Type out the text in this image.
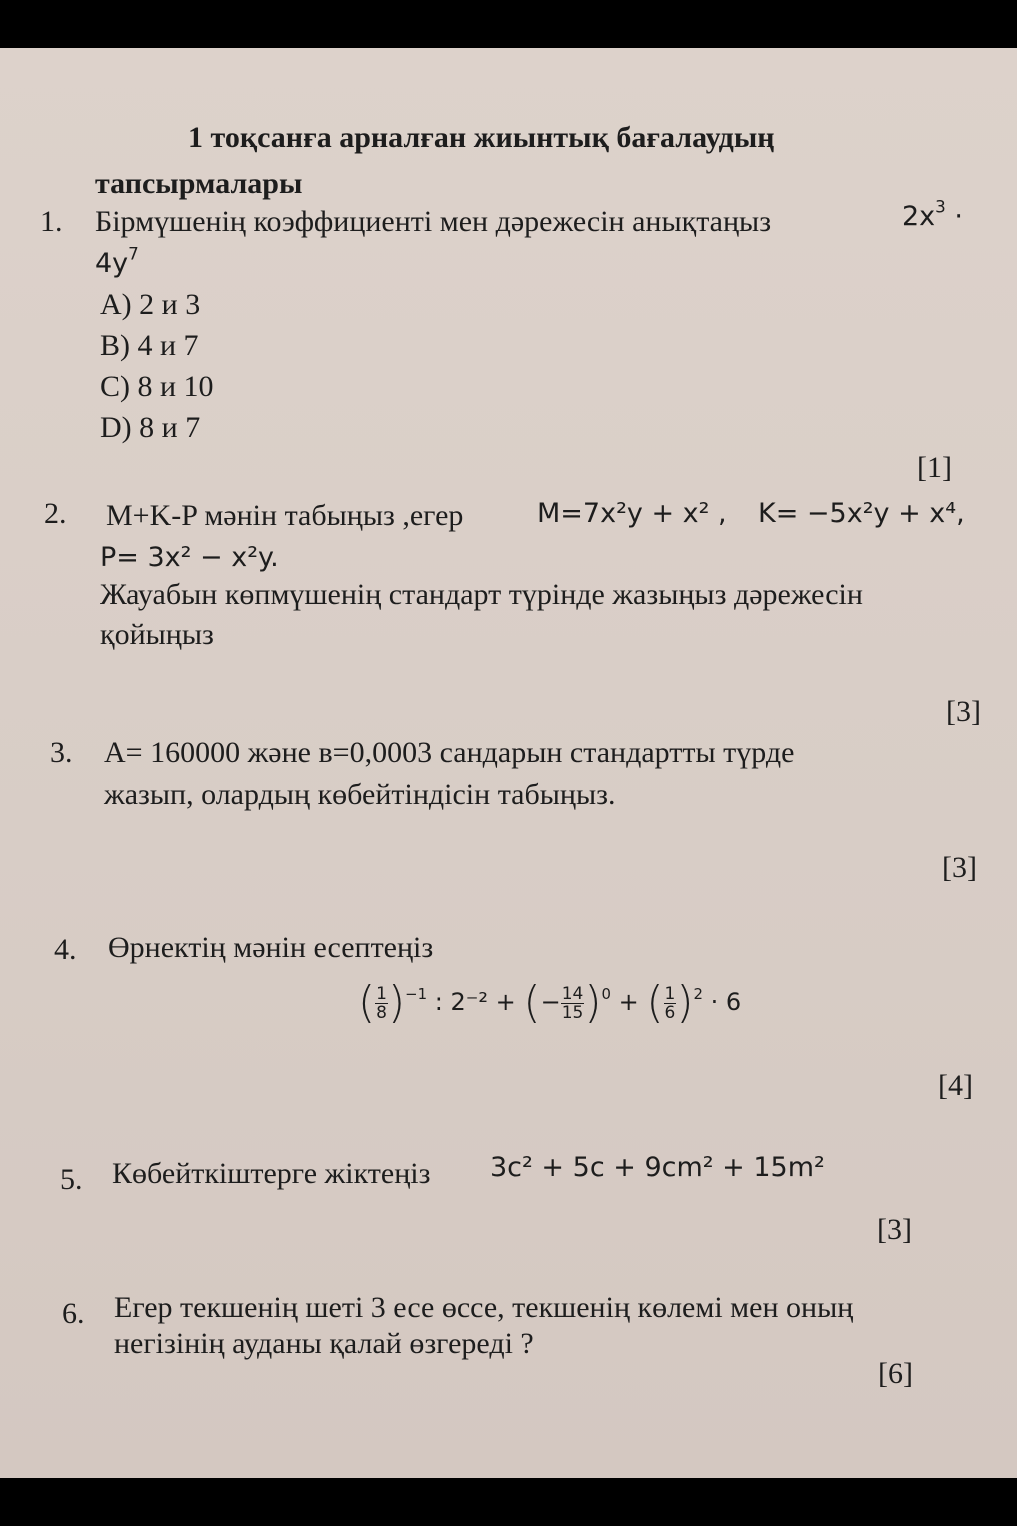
1 тоқсанға арналған жиынтық бағалаудың
тапсырмалары
1. Бірмүшенің коэффициенті мен дәрежесін анықтаңыз	$2x^3$ ·
$4y^7$
A) 2 и 3
B) 4 и 7
C) 8 и 10
D) 8 и 7
[1]
2. M+K-P мәнін табыңыз ,егер	M=7x²y + x² , K= −5x²y + x⁴,
P= 3x² − x²y.
Жауабын көпмүшенің стандарт түрінде жазыңыз дәрежесін
қойыңыз
[3]
3. A= 160000 және в=0,0003 сандарын стандартты түрде
жазып, олардың көбейтіндісін табыңыз.
[3]
4. Өрнектің мәнін есептеңіз
( $\frac{1}{8} )^{-1}$ : 2⁻² + (− $\frac{14}{15} )^0$ + ( $\frac{1}{6} )^2 \cdot 6$
[4]
5. Көбейткіштерге жіктеңіз 3c² + 5c + 9cm² + 15m²
[3]
6. Егер текшенің шеті 3 есе өссе, текшенің көлемі мен оның
негізінің ауданы қалай өзгереді ?
[6]
